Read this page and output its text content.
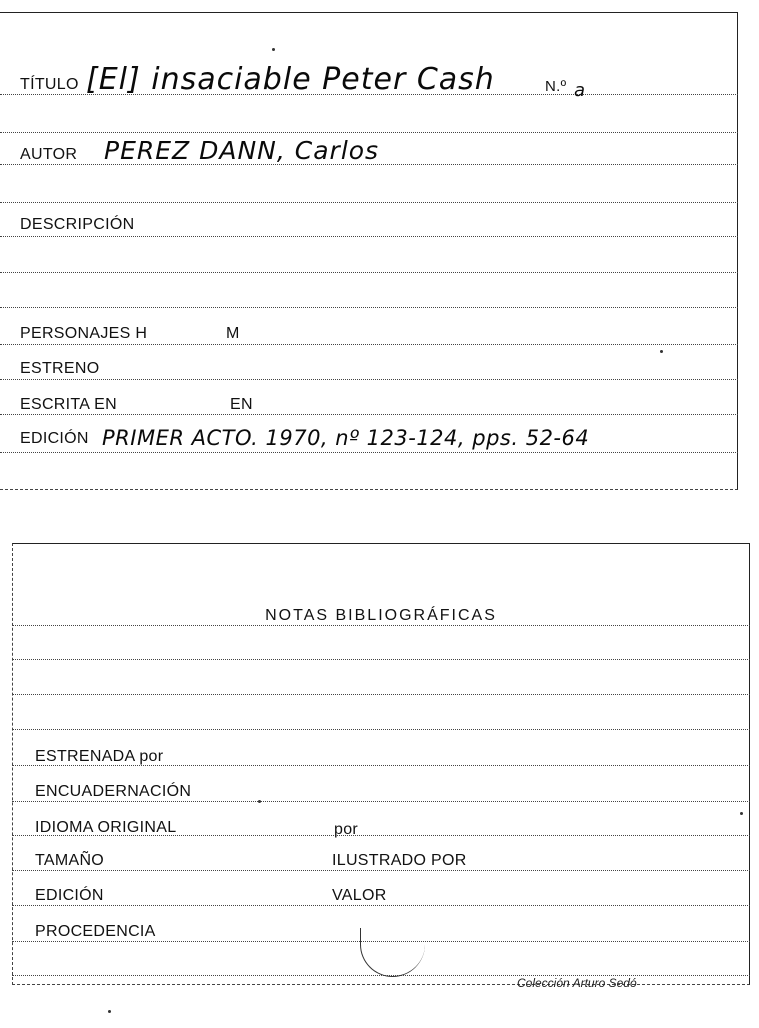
TÍTULO [El] insaciable Peter Cash	N.º a
AUTOR PEREZ DANN, Carlos
DESCRIPCIÓN
PERSONAJES H	M
ESTRENO
ESCRITA EN	EN
EDICIÓN PRIMER ACTO. 1970, nº 123-124, pps. 52-64
NOTAS BIBLIOGRÁFICAS
ESTRENADA por
ENCUADERNACIÓN
IDIOMA ORIGINAL	por
TAMAÑO	ILUSTRADO POR
EDICIÓN	VALOR
PROCEDENCIA
Colección Arturo Sedó
